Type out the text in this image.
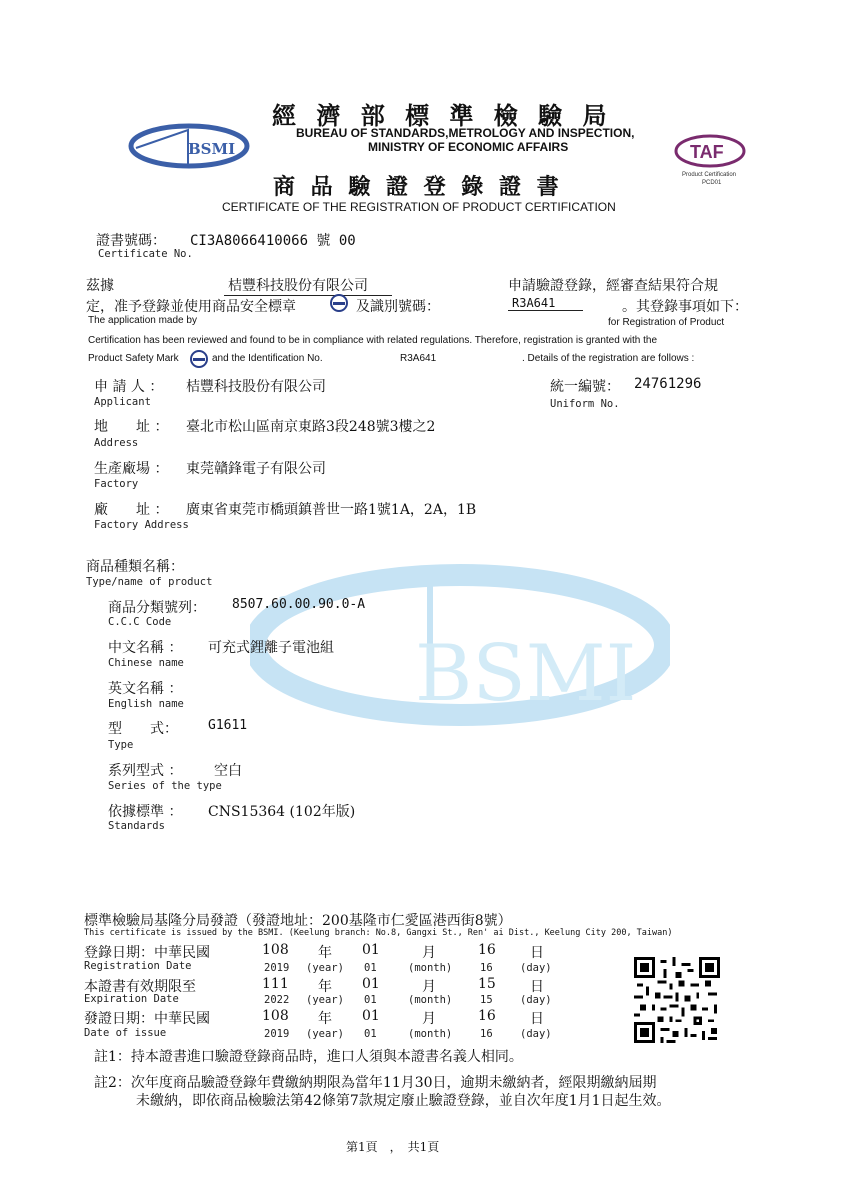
BSMI
BSMI	TAF
Product Certification
PCD01
經 濟 部 標 準 檢 驗 局
BUREAU OF STANDARDS,METROLOGY AND INSPECTION,
MINISTRY OF ECONOMIC AFFAIRS
商 品 驗 證 登 錄 證 書
CERTIFICATE OF THE REGISTRATION OF PRODUCT CERTIFICATION
證書號碼： CI3A8066410066 號 00
Certificate No.
茲據	桔豐科技股份有限公司	申請驗證登錄，經審查結果符合規
定，准予登錄並使用商品安全標章	及識別號碼：	R3A641	。其登錄事項如下：
The application made by	for Registration of Product
Certification has been reviewed and found to be in compliance with related regulations. Therefore, registration is granted with the
Product Safety Mark	and the Identification No.	R3A641	. Details of the registration are follows :
申 請 人 ： 桔豐科技股份有限公司
Applicant
統一編號： 24761296
Uniform No.
地　　址 ： 臺北市松山區南京東路3段248號3樓之2
Address
生產廠場 ： 東莞贛鋒電子有限公司
Factory
廠　　址 ： 廣東省東莞市橋頭鎮普世一路1號1A，2A，1B
Factory Address
商品種類名稱：
Type/name of product
商品分類號列： 8507.60.00.90.0-A
C.C.C Code
中文名稱 ： 可充式鋰離子電池組
Chinese name
英文名稱 ：
English name
型　　式： G1611
Type
系列型式 ： 空白
Series of the type
依據標準 ： CNS15364 (102年版)
Standards
標準檢驗局基隆分局發證（發證地址：200基隆市仁愛區港西街8號）
This certificate is issued by the BSMI. (Keelung branch: No.8, Gangxi St., Ren' ai Dist., Keelung City 200, Taiwan)
登錄日期：中華民國	108 年 01	月	16 日
Registration Date	2019 (year) 01	(month)	16	(day)
本證書有效期限至	111 年 01	月	15 日
Expiration Date	2022 (year) 01	(month)	15	(day)
發證日期：中華民國	108 年 01	月	16 日
Date of issue	2019 (year) 01	(month)	16	(day)
註1：持本證書進口驗證登錄商品時，進口人須與本證書名義人相同。
註2：次年度商品驗證登錄年費繳納期限為當年11月30日，逾期未繳納者，經限期繳納屆期
未繳納，即依商品檢驗法第42條第7款規定廢止驗證登錄，並自次年度1月1日起生效。
第1頁　，　共1頁
